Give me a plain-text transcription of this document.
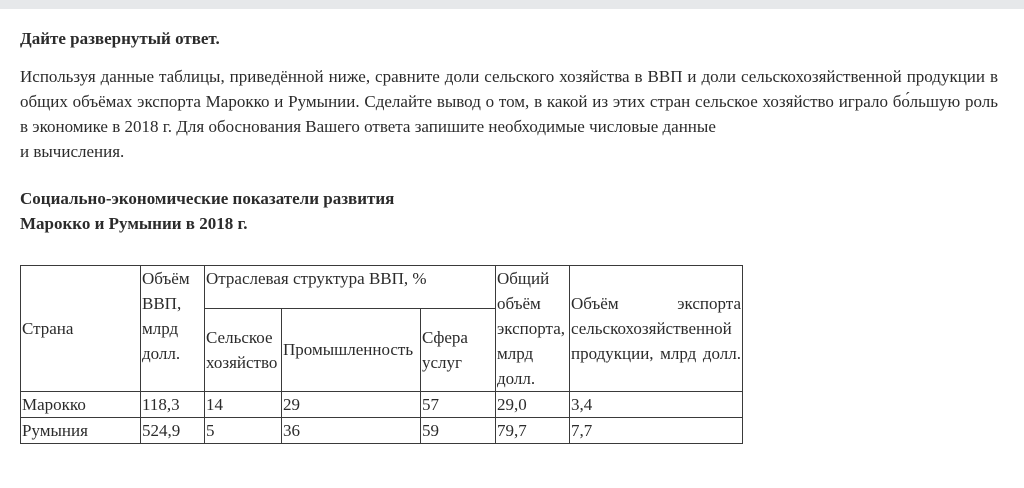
Дайте развернутый ответ.

Используя данные таблицы, приведённой ниже, сравните доли сельского хозяйства в ВВП и доли сельскохозяйственной продукции в общих объёмах экспорта Марокко и Румынии. Сделайте вывод о том, в какой из этих стран сельское хозяйство играло бо́льшую роль в экономике в 2018 г. Для обоснования Вашего ответа запишите необходимые числовые данные
и вычисления.

Социально-экономические показатели развития
Марокко и Румынии в 2018 г.

Страна	Объём ВВП, млрд долл.	Отраслевая структура ВВП, %			Общий объём экспорта, млрд долл.	Объём экспорта сельскохозяйственной продукции, млрд долл.
		Сельское хозяйство	Промышленность	Сфера услуг		
Марокко	118,3	14	29	57	29,0	3,4
Румыния	524,9	5	36	59	79,7	7,7
